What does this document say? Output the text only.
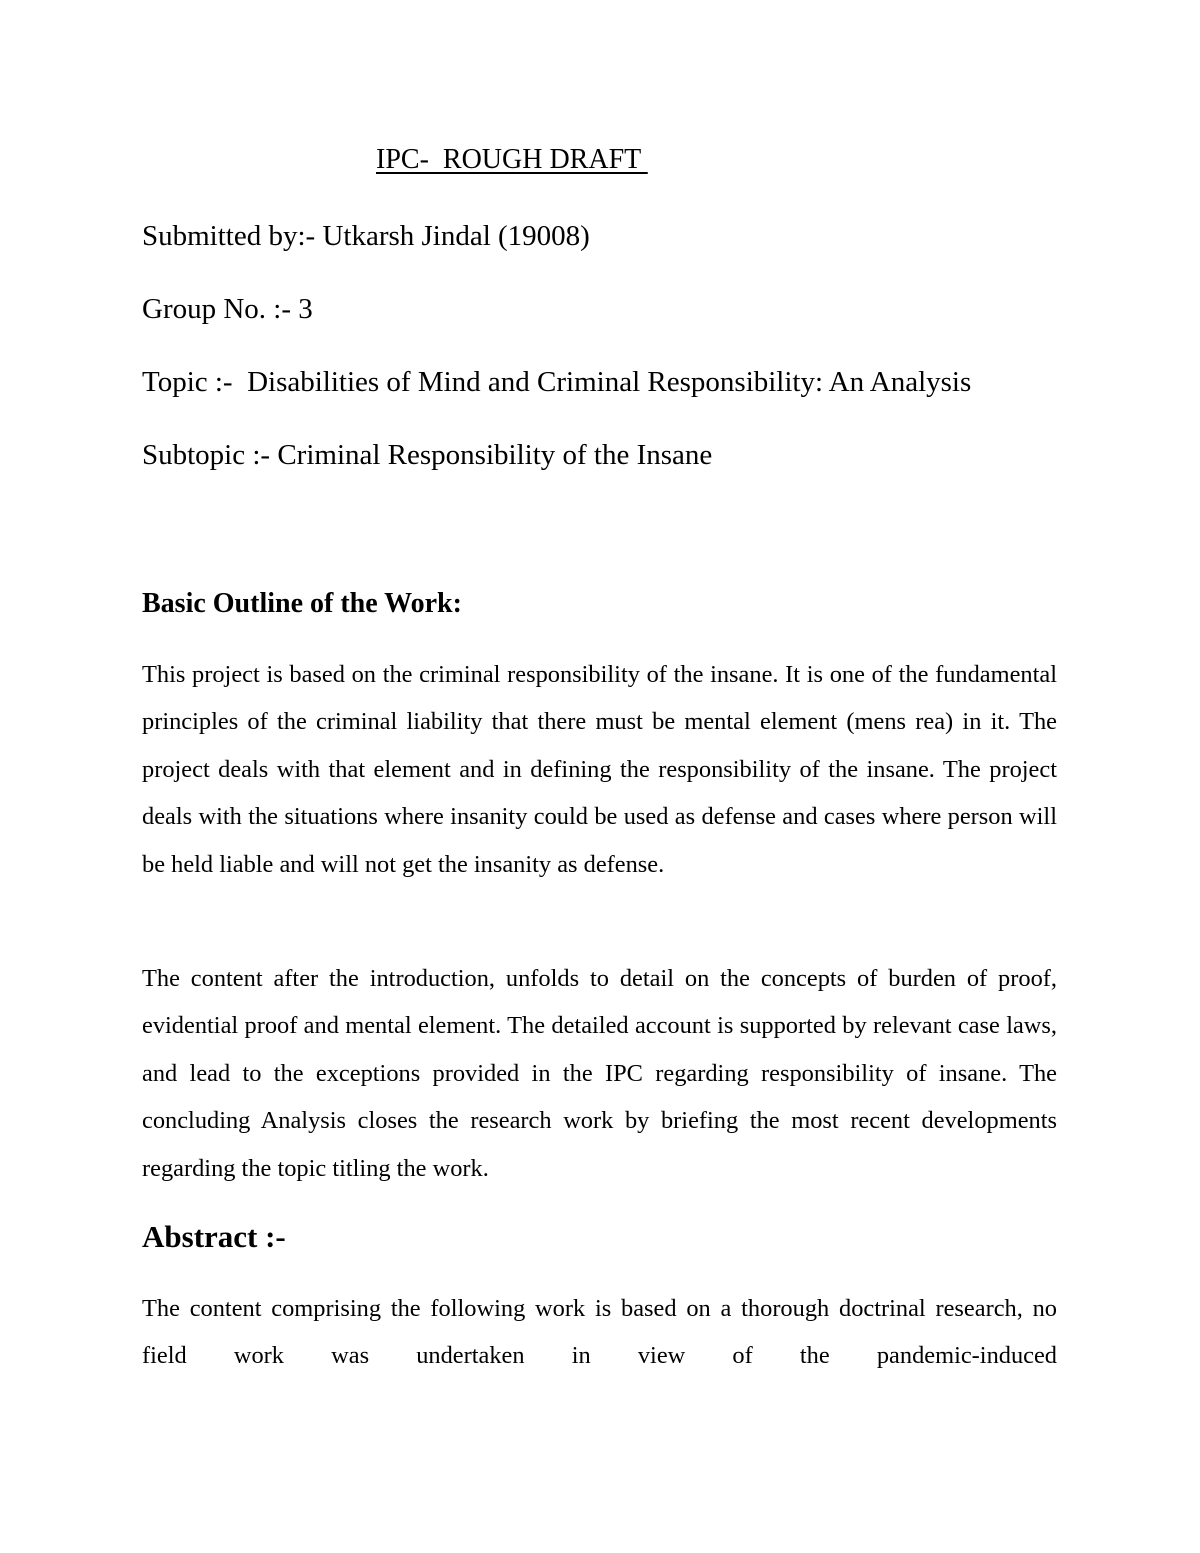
IPC-  ROUGH DRAFT
Submitted by:- Utkarsh Jindal (19008)
Group No. :- 3
Topic :-  Disabilities of Mind and Criminal Responsibility: An Analysis
Subtopic :- Criminal Responsibility of the Insane
Basic Outline of the Work:

This project is based on the criminal responsibility of the insane. It is one of the fundamental principles of the criminal liability that there must be mental element (mens rea) in it. The project deals with that element and in defining the responsibility of the insane. The project deals with the situations where insanity could be used as defense and cases where person will be held liable and will not get the insanity as defense.

The content after the introduction, unfolds to detail on the concepts of burden of proof, evidential proof and mental element. The detailed account is supported by relevant case laws, and lead to the exceptions provided in the IPC regarding responsibility of insane. The concluding Analysis closes the research work by briefing the most recent developments regarding the topic titling the work.

Abstract :-

The content comprising the following work is based on a thorough doctrinal research, no field work was undertaken in view of the pandemic-induced
